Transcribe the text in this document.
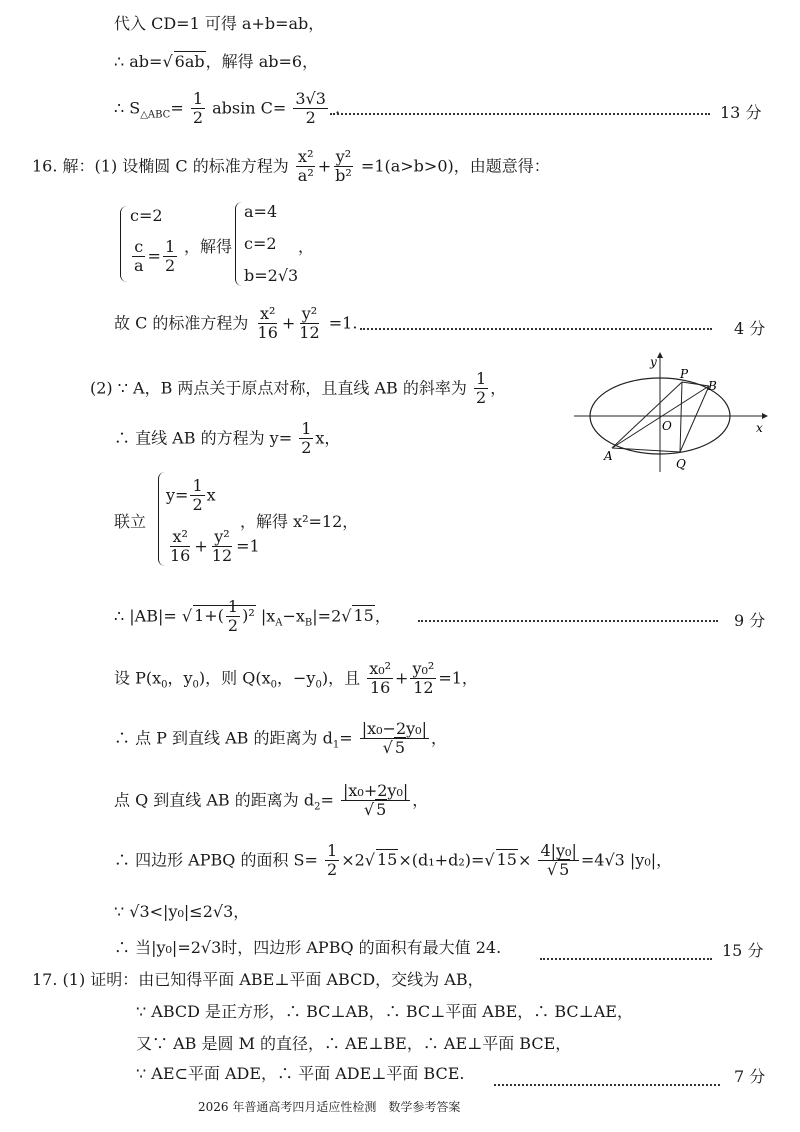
代入 CD=1 可得 a+b=ab，
∴ ab=√ 6ab，解得 ab=6，
∴ $S_{\triangle ABC}= \frac{1}{2}$ absin $C= \frac{3√3}{2}$ .	13 分
16. 解：(1) 设椭圆 C 的标准方程为 $\frac{\text{x²}}{\text{a²}} + \frac{\text{y²}}{\text{b²}} =1(a>b>0)$，由题意得：
c=2
$\frac{c}{a} = \frac{1}{2}$ ，解得
a=4
c=2
b=2√3
，
故 C 的标准方程为 $\frac{\text{x²}}{16} + \frac{\text{y²}}{12} =1$.	4 分
(2) ∵ A，B 两点关于原点对称，且直线 AB 的斜率为 $\frac{1}{2}$ ，
y
x
P
B
O
A
Q
∴ 直线 AB 的方程为 $y= \frac{1}{2}$ x，
联立
$y= \frac{1}{2}$ x
$\frac{\text{x²}}{16} + \frac{\text{y²}}{12} =1$
，解得 x²=12，
∴ |AB|= √ $1+( \frac{1}{2} )^2$ $|x_A-x_B|=2√$ 15，	9 分
设 $P(x_0$，$y_0$)，则 $Q(x_0$，$-y_0$)，且 $\frac{\text{x₀²}}{16} + \frac{\text{y₀²}}{12} =1$，
∴ 点 P 到直线 AB 的距离为 $d_1= \frac{\text{|x₀−2y₀|}}{√ 5}$ ，
点 Q 到直线 AB 的距离为 $d_2= \frac{\text{|x₀+2y₀|}}{√ 5}$ ，
∴ 四边形 APBQ 的面积 $S= \frac{1}{2} \times 2√$ 15×(d₁+d₂)=√ $15\times \frac{\text{4|y₀|}}{√ 5} =4√3$ |y₀|，
∵ √3<|y₀|≤2√3，
∴ 当|y₀|=2√3时，四边形 APBQ 的面积有最大值 24.	15 分
17. (1) 证明：由已知得平面 ABE⊥平面 ABCD，交线为 AB，
∵ ABCD 是正方形，∴ BC⊥AB，∴ BC⊥平面 ABE，∴ BC⊥AE，
又∵ AB 是圆 M 的直径，∴ AE⊥BE，∴ AE⊥平面 BCE，
∵ AE⊂平面 ADE，∴ 平面 ADE⊥平面 BCE.	7 分
2026 年普通高考四月适应性检测　数学参考答案
